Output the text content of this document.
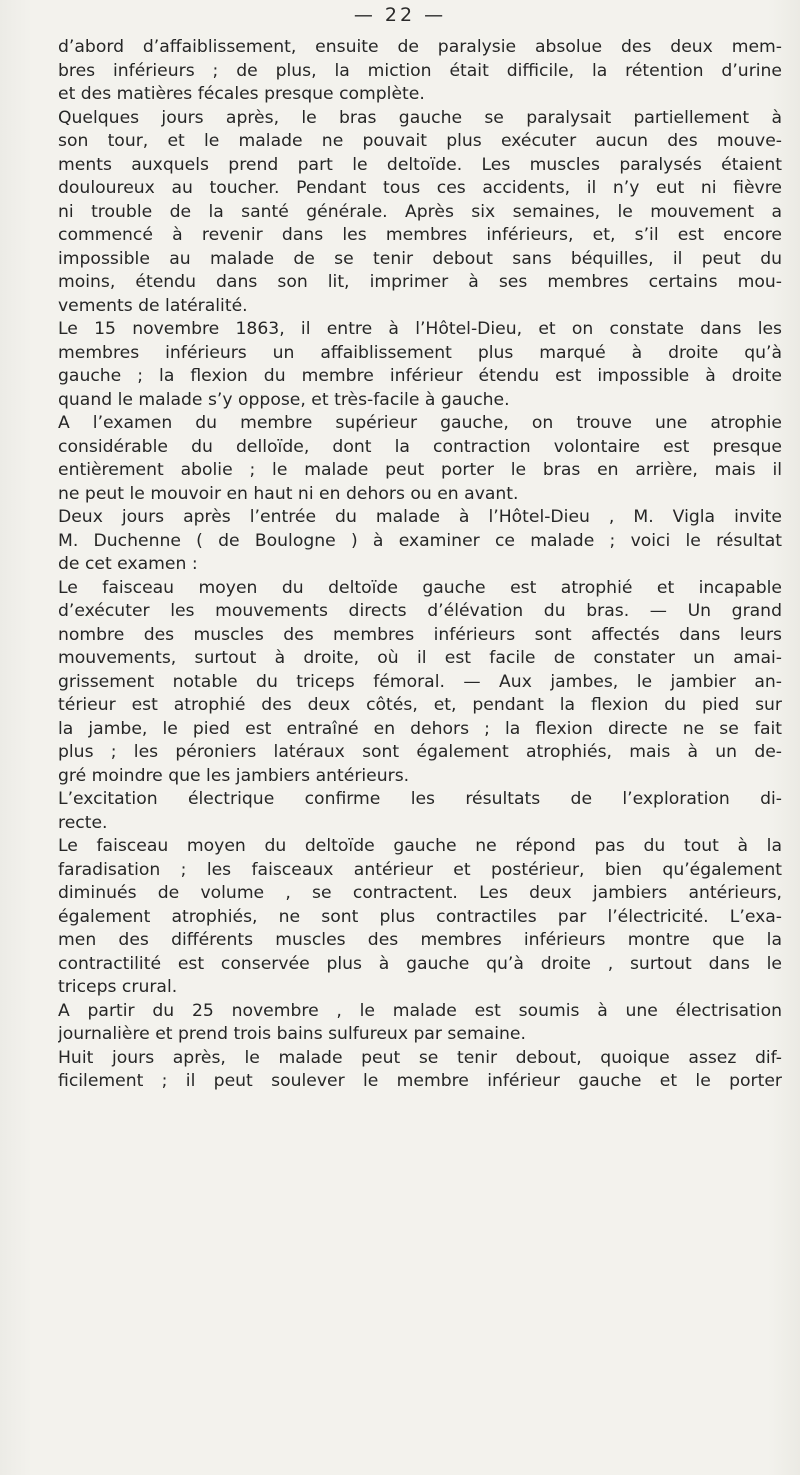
— 22 —
d’abord d’affaiblissement, ensuite de paralysie absolue des deux mem-
bres inférieurs ; de plus, la miction était difficile, la rétention d’urine
et des matières fécales presque complète.
Quelques jours après, le bras gauche se paralysait partiellement à
son tour, et le malade ne pouvait plus exécuter aucun des mouve-
ments auxquels prend part le deltoïde. Les muscles paralysés étaient
douloureux au toucher. Pendant tous ces accidents, il n’y eut ni fièvre
ni trouble de la santé générale. Après six semaines, le mouvement a
commencé à revenir dans les membres inférieurs, et, s’il est encore
impossible au malade de se tenir debout sans béquilles, il peut du
moins, étendu dans son lit, imprimer à ses membres certains mou-
vements de latéralité.
Le 15 novembre 1863, il entre à l’Hôtel-Dieu, et on constate dans les
membres inférieurs un affaiblissement plus marqué à droite qu’à
gauche ; la flexion du membre inférieur étendu est impossible à droite
quand le malade s’y oppose, et très-facile à gauche.
A l’examen du membre supérieur gauche, on trouve une atrophie
considérable du delloïde, dont la contraction volontaire est presque
entièrement abolie ; le malade peut porter le bras en arrière, mais il
ne peut le mouvoir en haut ni en dehors ou en avant.
Deux jours après l’entrée du malade à l’Hôtel-Dieu , M. Vigla invite
M. Duchenne ( de Boulogne ) à examiner ce malade ; voici le résultat
de cet examen :
Le faisceau moyen du deltoïde gauche est atrophié et incapable
d’exécuter les mouvements directs d’élévation du bras. — Un grand
nombre des muscles des membres inférieurs sont affectés dans leurs
mouvements, surtout à droite, où il est facile de constater un amai-
grissement notable du triceps fémoral. — Aux jambes, le jambier an-
térieur est atrophié des deux côtés, et, pendant la flexion du pied sur
la jambe, le pied est entraîné en dehors ; la flexion directe ne se fait
plus ; les péroniers latéraux sont également atrophiés, mais à un de-
gré moindre que les jambiers antérieurs.
L’excitation électrique confirme les résultats de l’exploration di-
recte.
Le faisceau moyen du deltoïde gauche ne répond pas du tout à la
faradisation ; les faisceaux antérieur et postérieur, bien qu’également
diminués de volume , se contractent. Les deux jambiers antérieurs,
également atrophiés, ne sont plus contractiles par l’électricité. L’exa-
men des différents muscles des membres inférieurs montre que la
contractilité est conservée plus à gauche qu’à droite , surtout dans le
triceps crural.
A partir du 25 novembre , le malade est soumis à une électrisation
journalière et prend trois bains sulfureux par semaine.
Huit jours après, le malade peut se tenir debout, quoique assez dif-
ficilement ; il peut soulever le membre inférieur gauche et le porter
